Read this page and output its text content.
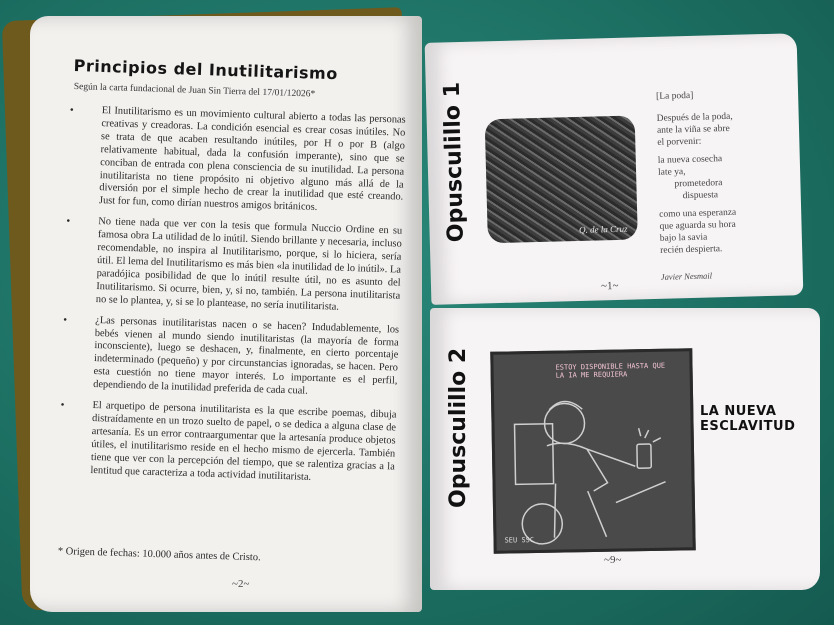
Principios del Inutilitarismo
Según la carta fundacional de Juan Sin Tierra del 17/01/12026*
•	El Inutilitarismo es un movimiento cultural abierto a todas las personas creativas y creadoras. La condición esencial es crear cosas inútiles. No se trata de que acaben resultando inútiles, por H o por B (algo relativamente habitual, dada la confusión imperante), sino que se conciban de entrada con plena consciencia de su inutilidad. La persona inutilitarista no tiene propósito ni objetivo alguno más allá de la diversión por el simple hecho de crear la inutilidad que esté creando. Just for fun, como dirían nuestros amigos británicos.
•	No tiene nada que ver con la tesis que formula Nuccio Ordine en su famosa obra La utilidad de lo inútil. Siendo brillante y necesaria, incluso recomendable, no inspira al Inutilitarismo, porque, si lo hiciera, sería útil. El lema del Inutilitarismo es más bien «la inutilidad de lo inútil». La paradójica posibilidad de que lo inútil resulte útil, no es asunto del Inutilitarismo. Si ocurre, bien, y, si no, también. La persona inutilitarista no se lo plantea, y, si se lo plantease, no sería inutilitarista.
•	¿Las personas inutilitaristas nacen o se hacen? Indudablemente, los bebés vienen al mundo siendo inutilitaristas (la mayoría de forma inconsciente), luego se deshacen, y, finalmente, en cierto porcentaje indeterminado (pequeño) y por circunstancias ignoradas, se hacen. Pero esta cuestión no tiene mayor interés. Lo importante es el perfil, dependiendo de la inutilidad preferida de cada cual.
•	El arquetipo de persona inutilitarista es la que escribe poemas, dibuja distraídamente en un trozo suelto de papel, o se dedica a alguna clase de artesanía. Es un error contraargumentar que la artesanía produce objetos útiles, el inutilitarismo reside en el hecho mismo de ejercerla. También tiene que ver con la percepción del tiempo, que se ralentiza gracias a la lentitud que caracteriza a toda actividad inutilitarista.
* Origen de fechas: 10.000 años antes de Cristo.
~2~
Opusculillo 1	Q. de la Cruz
[La poda]
Después de la poda,
ante la viña se abre
el porvenir:
la nueva cosecha
late ya,
prometedora
dispuesta
como una esperanza
que aguarda su hora
bajo la savia
recién despierta.
Javier Nesmail
~1~
Opusculillo 2	ESTOY DISPONIBLE HASTA QUE LA IA ME REQUIERA
SEU SSC
LA NUEVA
ESCLAVITUD
~9~
